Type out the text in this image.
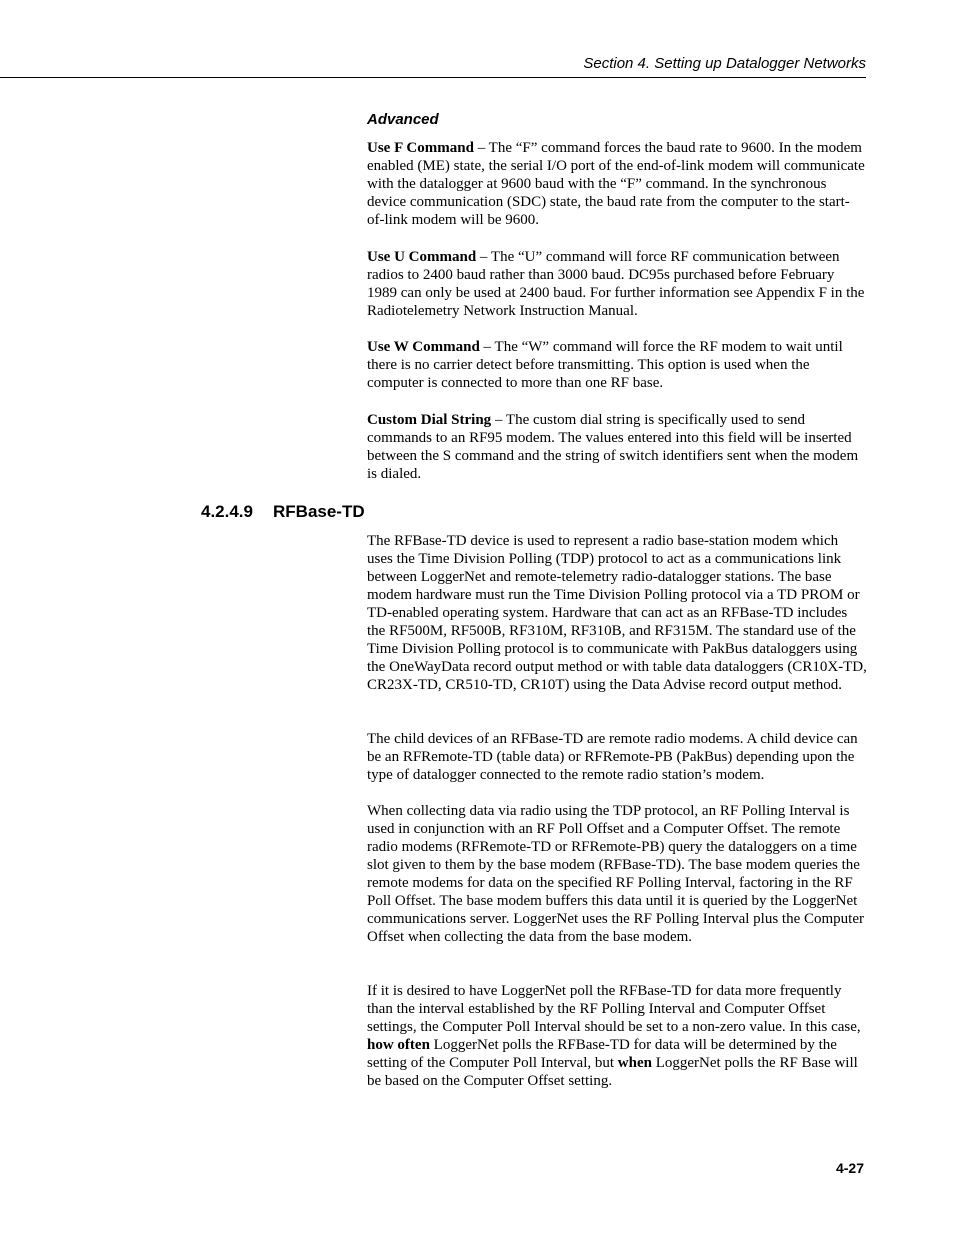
Section 4. Setting up Datalogger Networks
Advanced

Use F Command – The “F” command forces the baud rate to 9600. In the modem enabled (ME) state, the serial I/O port of the end-of-link modem will communicate with the datalogger at 9600 baud with the “F” command. In the synchronous device communication (SDC) state, the baud rate from the computer to the start-of-link modem will be 9600.

Use U Command – The “U” command will force RF communication between radios to 2400 baud rather than 3000 baud. DC95s purchased before February 1989 can only be used at 2400 baud. For further information see Appendix F in the Radiotelemetry Network Instruction Manual.

Use W Command – The “W” command will force the RF modem to wait until there is no carrier detect before transmitting. This option is used when the computer is connected to more than one RF base.

Custom Dial String – The custom dial string is specifically used to send commands to an RF95 modem. The values entered into this field will be inserted between the S command and the string of switch identifiers sent when the modem is dialed.

4.2.4.9 RFBase-TD

The RFBase-TD device is used to represent a radio base-station modem which uses the Time Division Polling (TDP) protocol to act as a communications link between LoggerNet and remote-telemetry radio-datalogger stations. The base modem hardware must run the Time Division Polling protocol via a TD PROM or TD-enabled operating system. Hardware that can act as an RFBase-TD includes the RF500M, RF500B, RF310M, RF310B, and RF315M. The standard use of the Time Division Polling protocol is to communicate with PakBus dataloggers using the OneWayData record output method or with table data dataloggers (CR10X-TD, CR23X-TD, CR510-TD, CR10T) using the Data Advise record output method.

The child devices of an RFBase-TD are remote radio modems. A child device can be an RFRemote-TD (table data) or RFRemote-PB (PakBus) depending upon the type of datalogger connected to the remote radio station’s modem.

When collecting data via radio using the TDP protocol, an RF Polling Interval is used in conjunction with an RF Poll Offset and a Computer Offset. The remote radio modems (RFRemote-TD or RFRemote-PB) query the dataloggers on a time slot given to them by the base modem (RFBase-TD). The base modem queries the remote modems for data on the specified RF Polling Interval, factoring in the RF Poll Offset. The base modem buffers this data until it is queried by the LoggerNet communications server. LoggerNet uses the RF Polling Interval plus the Computer Offset when collecting the data from the base modem.

If it is desired to have LoggerNet poll the RFBase-TD for data more frequently than the interval established by the RF Polling Interval and Computer Offset settings, the Computer Poll Interval should be set to a non-zero value. In this case, how often LoggerNet polls the RFBase-TD for data will be determined by the setting of the Computer Poll Interval, but when LoggerNet polls the RF Base will be based on the Computer Offset setting.

4-27
